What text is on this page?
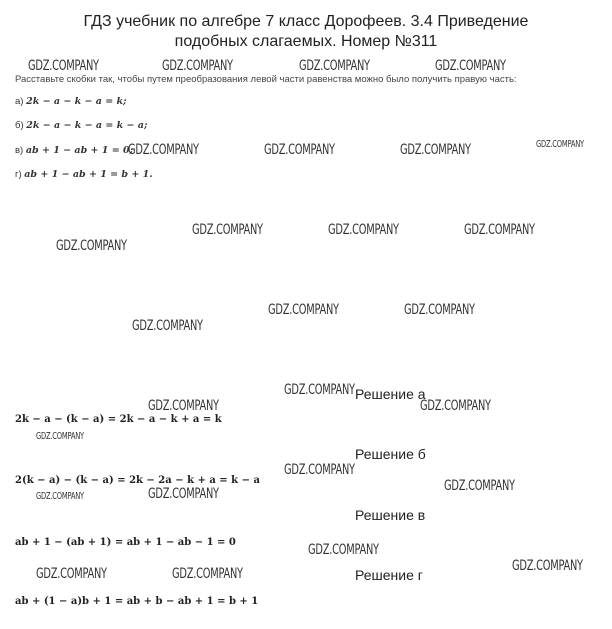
ГДЗ учебник по алгебре 7 класс Дорофеев. 3.4 Приведение
подобных слагаемых. Номер №311
Расставьте скобки так, чтобы путем преобразования левой части равенства можно было получить правую часть:
а) 2k − a − k − a = k;
б) 2k − a − k − a = k − a;
в) ab + 1 − ab + 1 = 0;
г) ab + 1 − ab + 1 = b + 1.
Решение а
2k − a − (k − a) = 2k − a − k + a = k
Решение б
2(k − a) − (k − a) = 2k − 2a − k + a = k − a
Решение в
ab + 1 − (ab + 1) = ab + 1 − ab − 1 = 0
Решение г
ab + (1 − a)b + 1 = ab + b − ab + 1 = b + 1
GDZ.COMPANY	GDZ.COMPANY	GDZ.COMPANY	GDZ.COMPANY
GDZ.COMPANY	GDZ.COMPANY	GDZ.COMPANY	GDZ.COMPANY
GDZ.COMPANY	GDZ.COMPANY	GDZ.COMPANY
GDZ.COMPANY
GDZ.COMPANY	GDZ.COMPANY
GDZ.COMPANY
GDZ.COMPANY
GDZ.COMPANY	GDZ.COMPANY
GDZ.COMPANY
GDZ.COMPANY
GDZ.COMPANY
GDZ.COMPANY
GDZ.COMPANY
GDZ.COMPANY
GDZ.COMPANY
GDZ.COMPANY	GDZ.COMPANY
